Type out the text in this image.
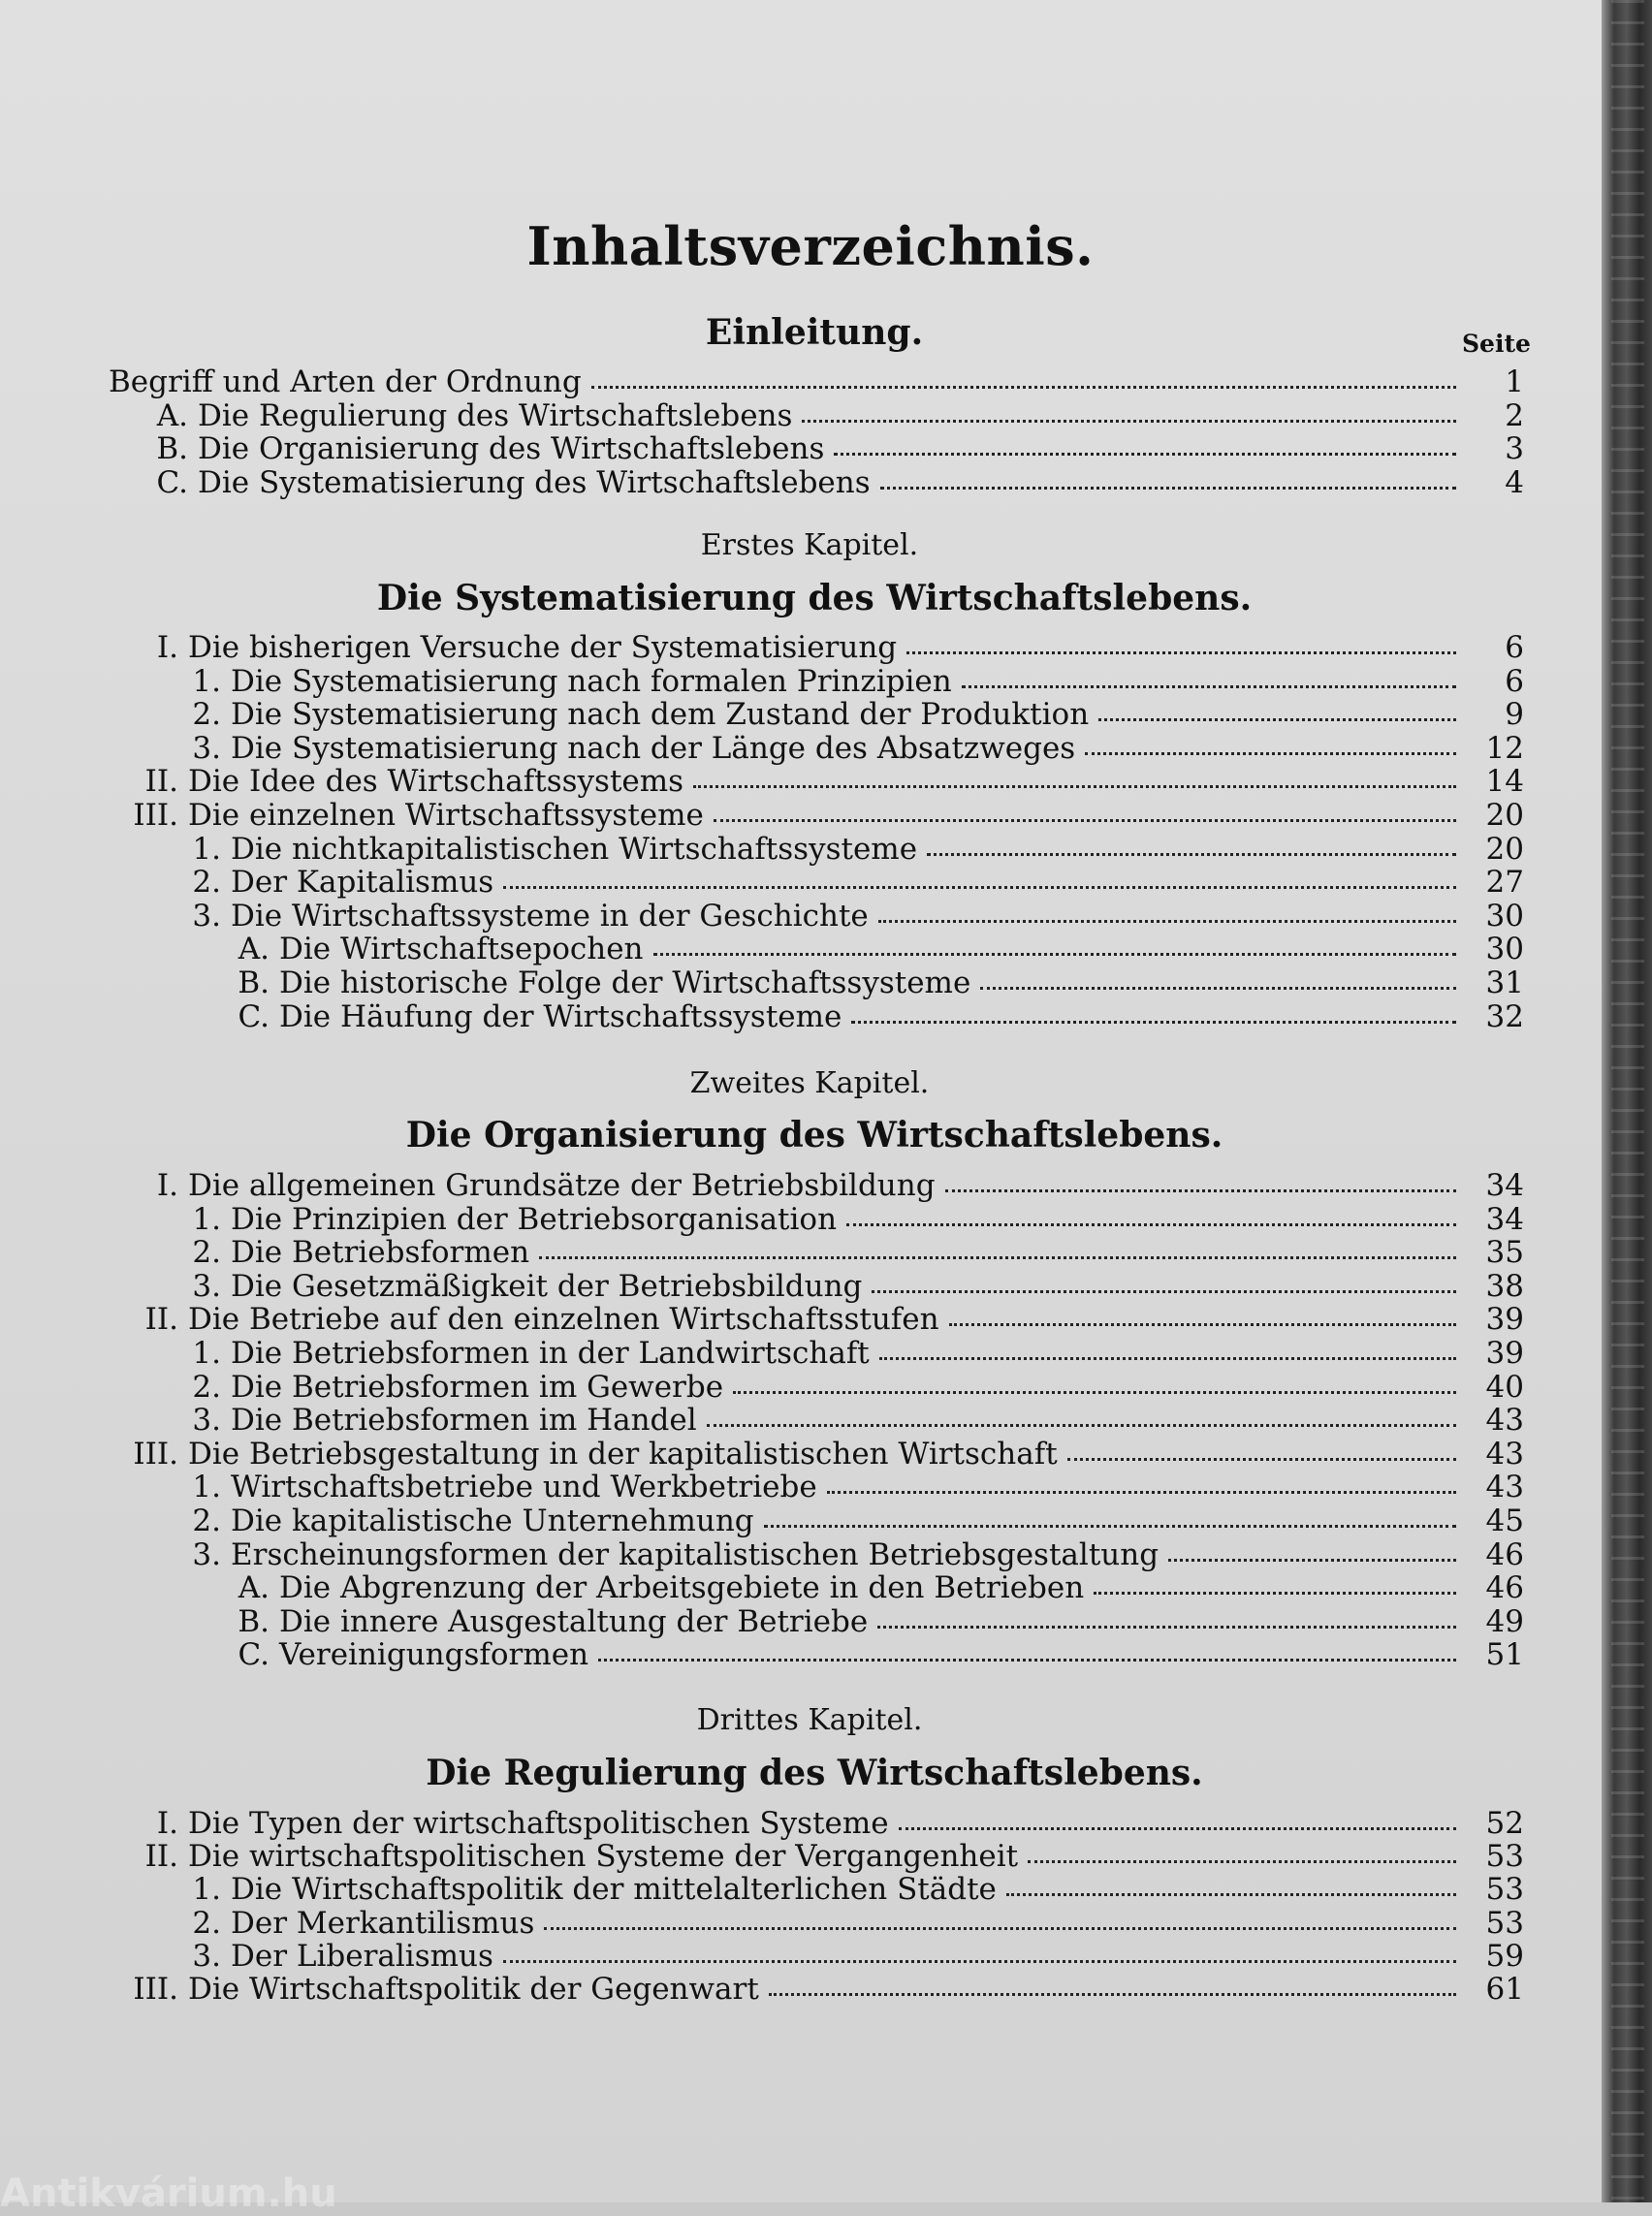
Inhaltsverzeichnis.
Seite
Einleitung.
Begriff und Arten der Ordnung	1
A. Die Regulierung des Wirtschaftslebens	2
B. Die Organisierung des Wirtschaftslebens	3
C. Die Systematisierung des Wirtschaftslebens	4
Erstes Kapitel.
Die Systematisierung des Wirtschaftslebens.
I. Die bisherigen Versuche der Systematisierung	6
1. Die Systematisierung nach formalen Prinzipien	6
2. Die Systematisierung nach dem Zustand der Produktion	9
3. Die Systematisierung nach der Länge des Absatzweges	12
II. Die Idee des Wirtschaftssystems	14
III. Die einzelnen Wirtschaftssysteme	20
1. Die nichtkapitalistischen Wirtschaftssysteme	20
2. Der Kapitalismus	27
3. Die Wirtschaftssysteme in der Geschichte	30
A. Die Wirtschaftsepochen	30
B. Die historische Folge der Wirtschaftssysteme	31
C. Die Häufung der Wirtschaftssysteme	32
Zweites Kapitel.
Die Organisierung des Wirtschaftslebens.
I. Die allgemeinen Grundsätze der Betriebsbildung	34
1. Die Prinzipien der Betriebsorganisation	34
2. Die Betriebsformen	35
3. Die Gesetzmäßigkeit der Betriebsbildung	38
II. Die Betriebe auf den einzelnen Wirtschaftsstufen	39
1. Die Betriebsformen in der Landwirtschaft	39
2. Die Betriebsformen im Gewerbe	40
3. Die Betriebsformen im Handel	43
III. Die Betriebsgestaltung in der kapitalistischen Wirtschaft	43
1. Wirtschaftsbetriebe und Werkbetriebe	43
2. Die kapitalistische Unternehmung	45
3. Erscheinungsformen der kapitalistischen Betriebsgestaltung	46
A. Die Abgrenzung der Arbeitsgebiete in den Betrieben	46
B. Die innere Ausgestaltung der Betriebe	49
C. Vereinigungsformen	51
Drittes Kapitel.
Die Regulierung des Wirtschaftslebens.
I. Die Typen der wirtschaftspolitischen Systeme	52
II. Die wirtschaftspolitischen Systeme der Vergangenheit	53
1. Die Wirtschaftspolitik der mittelalterlichen Städte	53
2. Der Merkantilismus	53
3. Der Liberalismus	59
III. Die Wirtschaftspolitik der Gegenwart	61
Antikvárium.hu
